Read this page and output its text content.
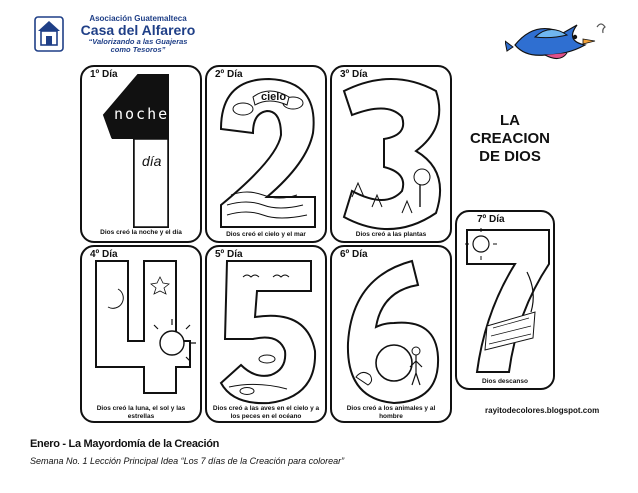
Asociación Guatemalteca
Casa del Alfarero
“Valorizando a las Guajeras
como Tesoros”
1º Día
noche
día
Dios creó la noche y el día
2º Día
cielo
Dios creó el cielo y el mar
3º Día
Dios creó a las plantas
LA
CREACION
DE DIOS
4º Día
Dios creó la luna, el sol y las estrellas
5º Día
Dios creó a las aves en el cielo y a los peces en el océano
6º Día
Dios creó a los animales y al hombre
7º Día
Dios descanso
rayitodecolores.blogspot.com
Enero - La Mayordomía de la Creación
Semana No. 1 Lección Principal Idea “Los 7 días de la Creación para colorear”
